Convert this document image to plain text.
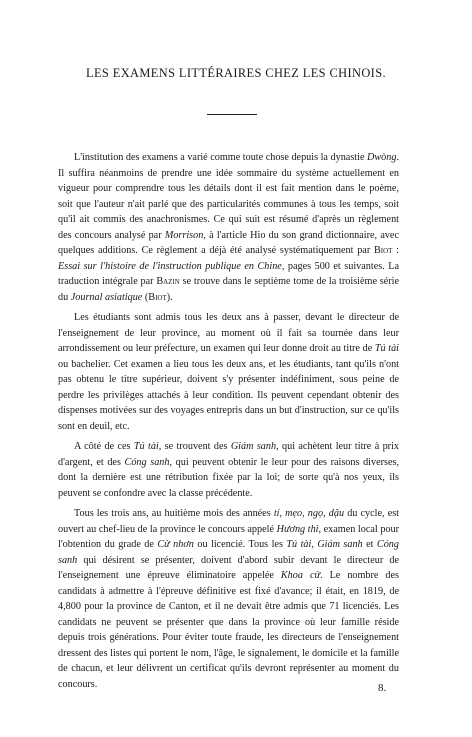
LES EXAMENS LITTÉRAIRES CHEZ LES CHINOIS.

L'institution des examens a varié comme toute chose depuis la dynastie Dwòng. Il suffira néanmoins de prendre une idée sommaire du système actuellement en vigueur pour comprendre tous les détails dont il est fait mention dans le poème, soit que l'auteur n'ait parlé que des particularités communes à tous les temps, soit qu'il ait commis des anachronismes. Ce qui suit est résumé d'après un règlement des concours analysé par Morrison, à l'article Hio du son grand dictionnaire, avec quelques additions. Ce règlement a déjà été analysé systématiquement par Biot : Essai sur l'histoire de l'instruction publique en Chine, pages 500 et suivantes. La traduction intégrale par Bazin se trouve dans le septième tome de la troisième série du Journal asiatique (Biot).

Les étudiants sont admis tous les deux ans à passer, devant le directeur de l'enseignement de leur province, au moment où il fait sa tournée dans leur arrondissement ou leur préfecture, un examen qui leur donne droit au titre de Tú tài ou bachelier. Cet examen a lieu tous les deux ans, et les étudiants, tant qu'ils n'ont pas obtenu le titre supérieur, doivent s'y présenter indéfiniment, sous peine de perdre les privilèges attachés à leur condition. Ils peuvent cependant obtenir des dispenses motivées sur des voyages entrepris dans un but d'instruction, sur ce qu'ils sont en deuil, etc.

A côté de ces Tú tài, se trouvent des Giám sanh, qui achètent leur titre à prix d'argent, et des Cóng sanh, qui peuvent obtenir le leur pour des raisons diverses, dont la dernière est une rétribution fixée par la loi; de sorte qu'à nos yeux, ils peuvent se confondre avec la classe précédente.

Tous les trois ans, au huitième mois des années tí, mẹo, ngọ, dậu du cycle, est ouvert au chef-lieu de la province le concours appelé Hương thi, examen local pour l'obtention du grade de Cử nhơn ou licencié. Tous les Tú tài, Giám sanh et Cóng sanh qui désirent se présenter, doivent d'abord subir devant le directeur de l'enseignement une épreuve éliminatoire appelée Khoa cử. Le nombre des candidats à admettre à l'épreuve définitive est fixé d'avance; il était, en 1819, de 4,800 pour la province de Canton, et il ne devait être admis que 71 licenciés. Les candidats ne peuvent se présenter que dans la province où leur famille réside depuis trois générations. Pour éviter toute fraude, les directeurs de l'enseignement dressent des listes qui portent le nom, l'âge, le signalement, le domicile et la famille de chacun, et leur délivrent un certificat qu'ils devront représenter au moment du concours.	8.
